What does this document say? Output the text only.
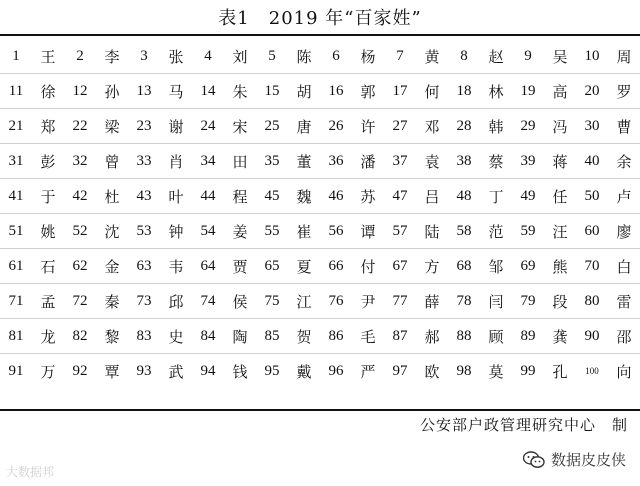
表1　2019 年“百家姓”
1	王	2	李	3	张	4	刘	5	陈	6	杨	7	黄	8	赵	9	吴	10	周
11	徐	12	孙	13	马	14	朱	15	胡	16	郭	17	何	18	林	19	高	20	罗
21	郑	22	梁	23	谢	24	宋	25	唐	26	许	27	邓	28	韩	29	冯	30	曹
31	彭	32	曾	33	肖	34	田	35	董	36	潘	37	袁	38	蔡	39	蒋	40	余
41	于	42	杜	43	叶	44	程	45	魏	46	苏	47	吕	48	丁	49	任	50	卢
51	姚	52	沈	53	钟	54	姜	55	崔	56	谭	57	陆	58	范	59	汪	60	廖
61	石	62	金	63	韦	64	贾	65	夏	66	付	67	方	68	邹	69	熊	70	白
71	孟	72	秦	73	邱	74	侯	75	江	76	尹	77	薛	78	闫	79	段	80	雷
81	龙	82	黎	83	史	84	陶	85	贺	86	毛	87	郝	88	顾	89	龚	90	邵
91	万	92	覃	93	武	94	钱	95	戴	96	严	97	欧	98	莫	99	孔	100	向
公安部户政管理研究中心　制
大数据邦
数据皮皮侠
